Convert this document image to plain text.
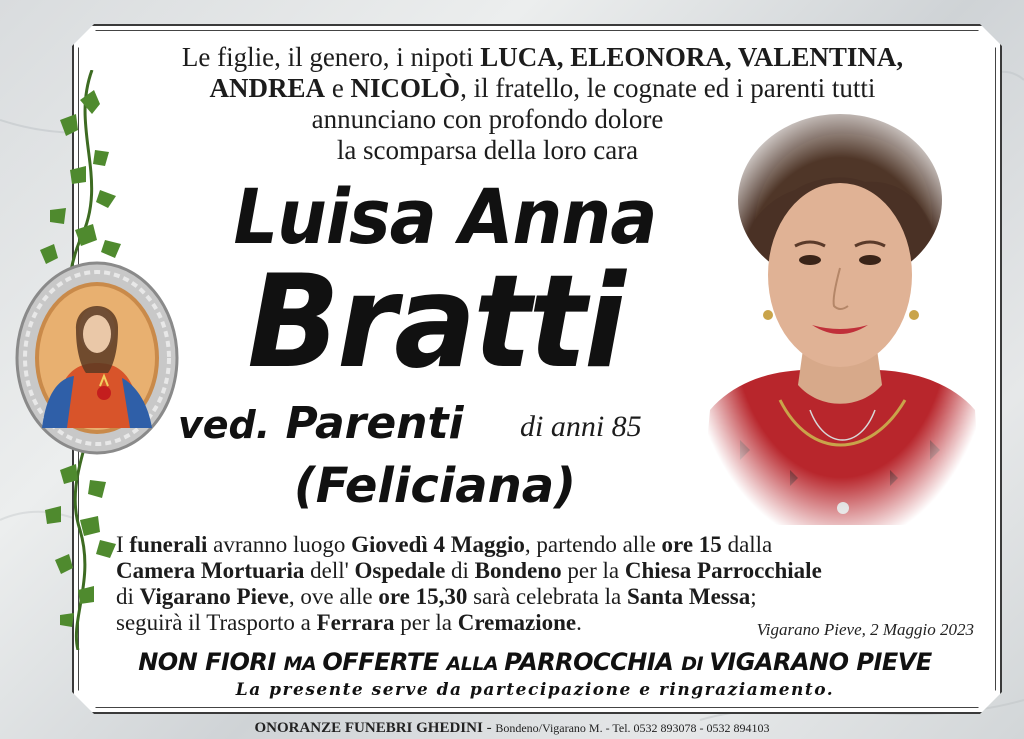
Le figlie, il genero, i nipoti LUCA, ELEONORA, VALENTINA,
ANDREA e NICOLÒ, il fratello, le cognate ed i parenti tutti
annunciano con profondo dolore
la scomparsa della loro cara
Luisa Anna
Bratti
ved. Parenti di anni 85
(Feliciana)
I funerali avranno luogo Giovedì 4 Maggio, partendo alle ore 15 dalla
Camera Mortuaria dell' Ospedale di Bondeno per la Chiesa Parrocchiale
di Vigarano Pieve, ove alle ore 15,30 sarà celebrata la Santa Messa;
seguirà il Trasporto a Ferrara per la Cremazione.	Vigarano Pieve, 2 Maggio 2023
NON FIORI MA OFFERTE ALLA PARROCCHIA DI VIGARANO PIEVE
La presente serve da partecipazione e ringraziamento.
ONORANZE FUNEBRI GHEDINI - Bondeno/Vigarano M. - Tel. 0532 893078 - 0532 894103
